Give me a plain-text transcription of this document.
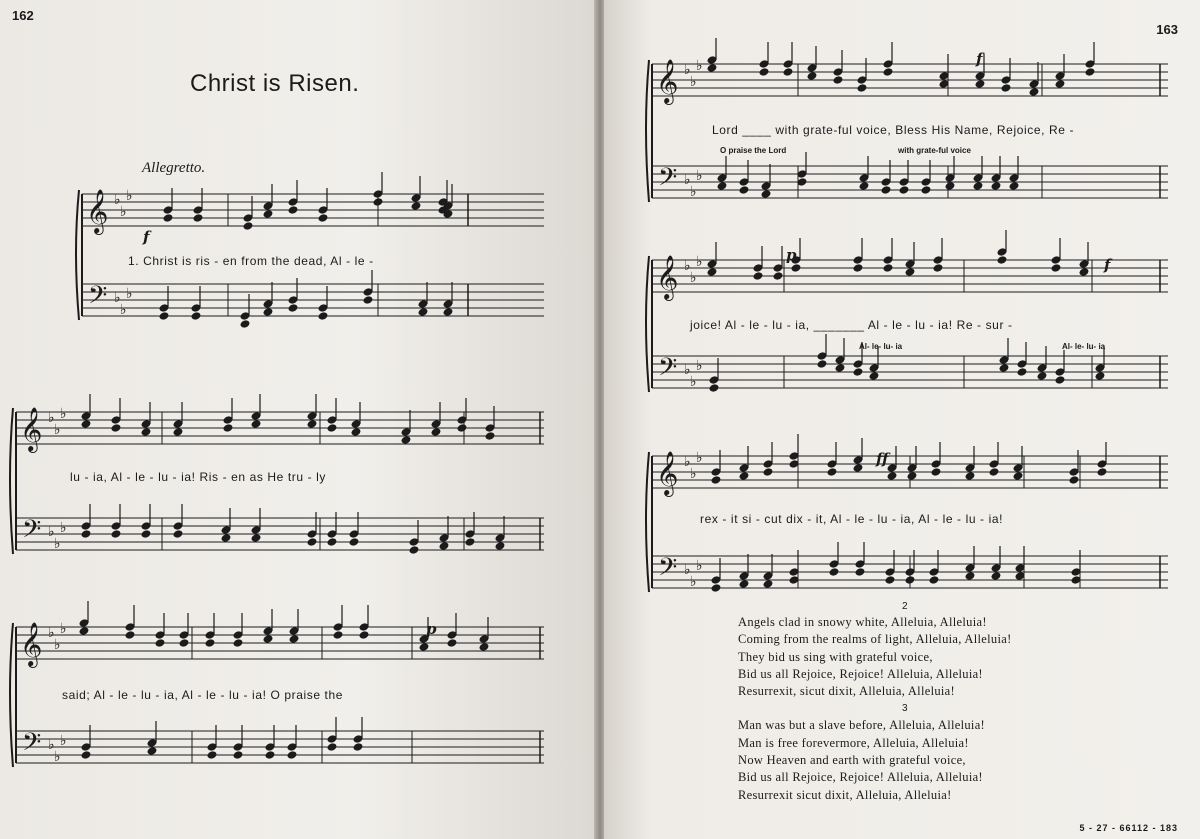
162
Christ is Risen.
Allegretto.
𝄞
𝄢
♭
♭
♭
♭
♭
♭
f
1. Christ is ris - en from the dead, Al - le -
𝄞
𝄢
♭
♭
♭
♭
♭
♭
lu - ia, Al - le - lu - ia! Ris - en as He tru - ly
𝄞
𝄢
♭
♭
♭
♭
♭
♭
p
said; Al - le - lu - ia, Al - le - lu - ia! O praise the
163
𝄞
𝄢
♭
♭
♭
♭
♭
♭
f
Lord ____ with grate-ful voice, Bless His Name, Rejoice, Re -
O praise the Lord	with grate-ful voice
𝄞
𝄢
♭
♭
♭
♭
♭
♭
p
f
joice! Al - le - lu - ia, _______ Al - le - lu - ia! Re - sur -
Al- le- lu- ia	Al- le- lu- ia
𝄞
𝄢
♭
♭
♭
♭
♭
♭
ff
rex - it si - cut dix - it, Al - le - lu - ia, Al - le - lu - ia!
2
3
5 - 27 - 66112 - 183
Angels clad in snowy white, Alleluia, Alleluia!
Coming from the realms of light, Alleluia, Alleluia!
They bid us sing with grateful voice,
Bid us all Rejoice, Rejoice! Alleluia, Alleluia!
Resurrexit, sicut dixit, Alleluia, Alleluia!
Man was but a slave before, Alleluia, Alleluia!
Man is free forevermore, Alleluia, Alleluia!
Now Heaven and earth with grateful voice,
Bid us all Rejoice, Rejoice! Alleluia, Alleluia!
Resurrexit sicut dixit, Alleluia, Alleluia!
